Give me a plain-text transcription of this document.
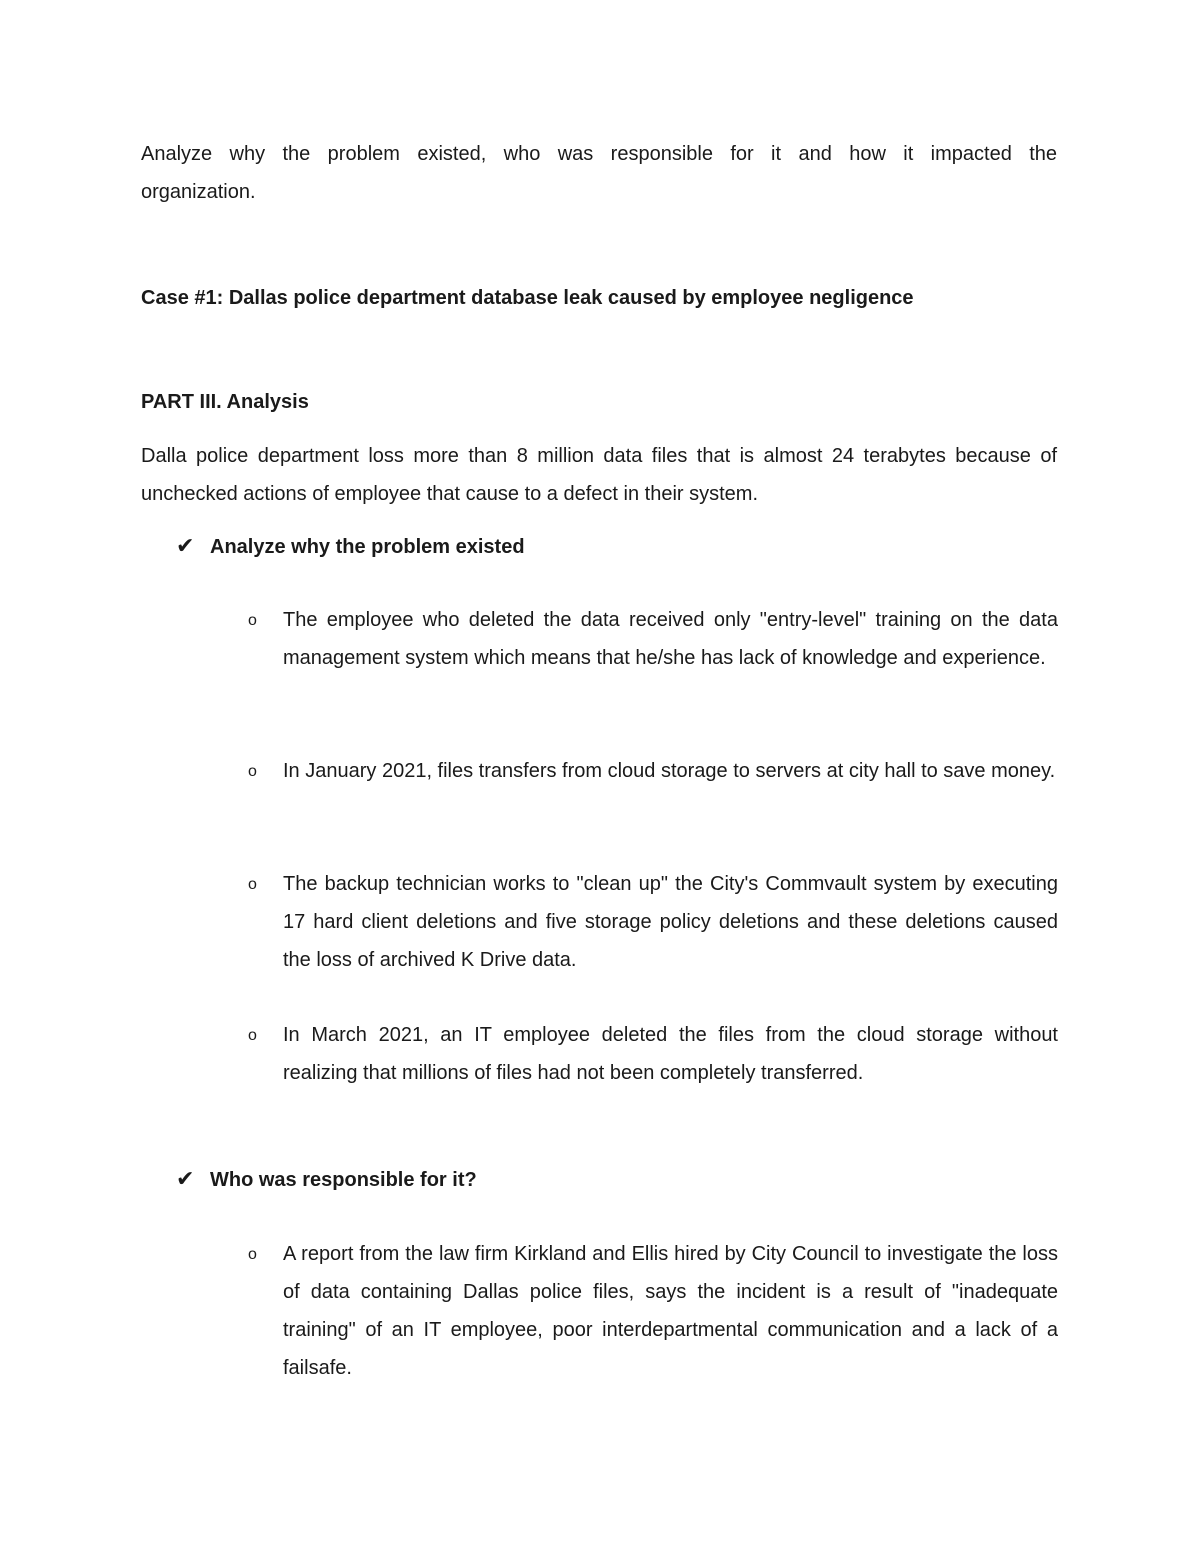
Analyze why the problem existed, who was responsible for it and how it impacted the organization.
Case #1: Dallas police department database leak caused by employee negligence
PART III. Analysis
Dalla police department loss more than 8 million data files that is almost 24 terabytes because of unchecked actions of employee that cause to a defect in their system.
✔ Analyze why the problem existed
o	The employee who deleted the data received only "entry-level" training on the data management system which means that he/she has lack of knowledge and experience.
o	In January 2021, files transfers from cloud storage to servers at city hall to save money.
o	The backup technician works to "clean up" the City's Commvault system by executing 17 hard client deletions and five storage policy deletions and these deletions caused the loss of archived K Drive data.
o	In March 2021, an IT employee deleted the files from the cloud storage without realizing that millions of files had not been completely transferred.
✔ Who was responsible for it?
o	A report from the law firm Kirkland and Ellis hired by City Council to investigate the loss of data containing Dallas police files, says the incident is a result of "inadequate training" of an IT employee, poor interdepartmental communication and a lack of a failsafe.
